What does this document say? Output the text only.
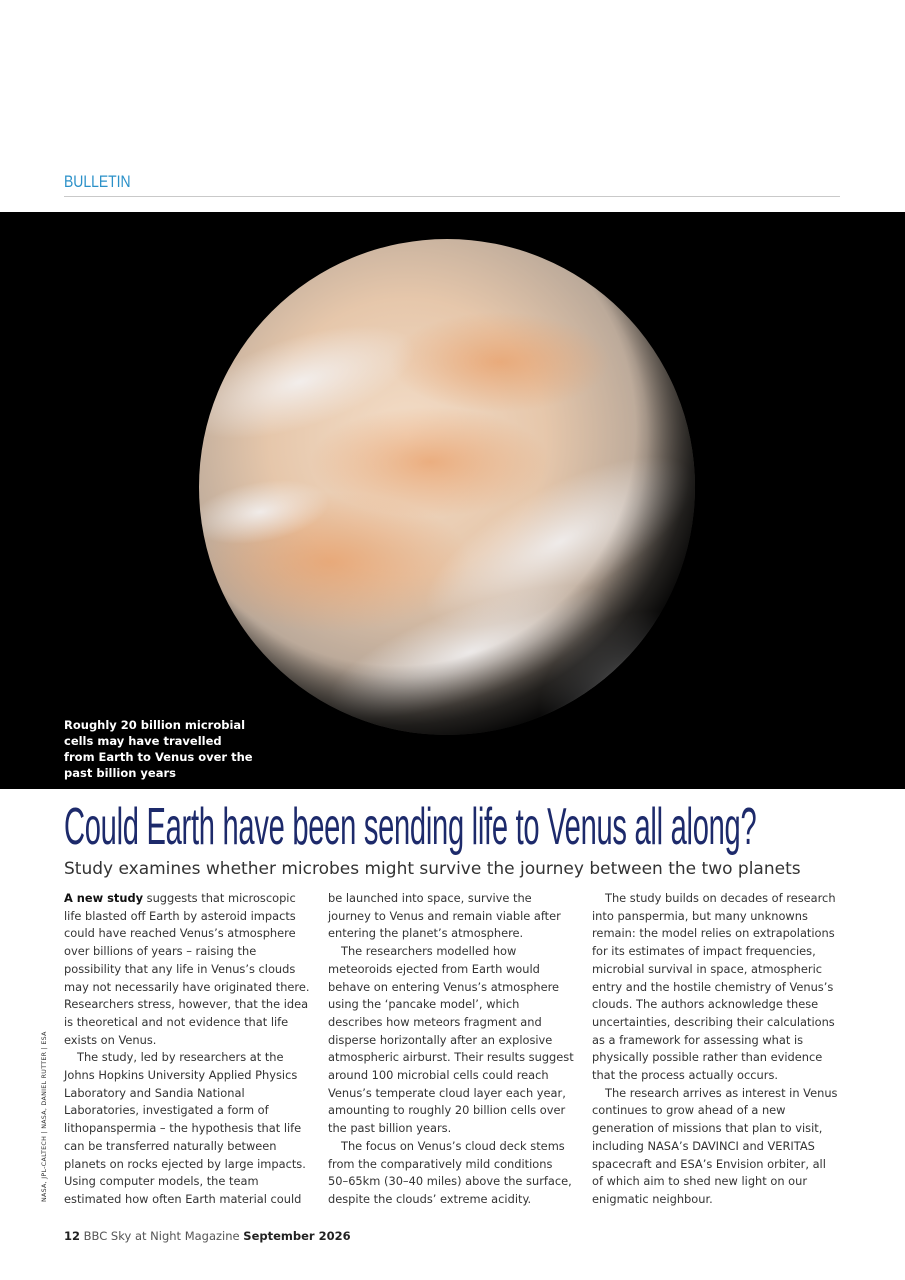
BULLETIN
Roughly 20 billion microbial cells may have travelled from Earth to Venus over the past billion years
Could Earth have been sending life to Venus all along?
Study examines whether microbes might survive the journey between the two planets

A new study suggests that microscopic life blasted off Earth by asteroid impacts could have reached Venus’s atmosphere over billions of years – raising the possibility that any life in Venus’s clouds may not necessarily have originated there. Researchers stress, however, that the idea is theoretical and not evidence that life exists on Venus.

The study, led by researchers at the Johns Hopkins University Applied Physics Laboratory and Sandia National Laboratories, investigated a form of lithopanspermia – the hypothesis that life can be transferred naturally between planets on rocks ejected by large impacts. Using computer models, the team estimated how often Earth material could

be launched into space, survive the journey to Venus and remain viable after entering the planet’s atmosphere.

The researchers modelled how meteoroids ejected from Earth would behave on entering Venus’s atmosphere using the ‘pancake model’, which describes how meteors fragment and disperse horizontally after an explosive atmospheric airburst. Their results suggest around 100 microbial cells could reach Venus’s temperate cloud layer each year, amounting to roughly 20 billion cells over the past billion years.

The focus on Venus’s cloud deck stems from the comparatively mild conditions 50–65km (30–40 miles) above the surface, despite the clouds’ extreme acidity.

The study builds on decades of research into panspermia, but many unknowns remain: the model relies on extrapolations for its estimates of impact frequencies, microbial survival in space, atmospheric entry and the hostile chemistry of Venus’s clouds. The authors acknowledge these uncertainties, describing their calculations as a framework for assessing what is physically possible rather than evidence that the process actually occurs.

The research arrives as interest in Venus continues to grow ahead of a new generation of missions that plan to visit, including NASA’s DAVINCI and VERITAS spacecraft and ESA’s Envision orbiter, all of which aim to shed new light on our enigmatic neighbour.

NASA, JPL-CALTECH | NASA, DANIEL RUTTER | ESA
12 BBC Sky at Night Magazine September 2026
